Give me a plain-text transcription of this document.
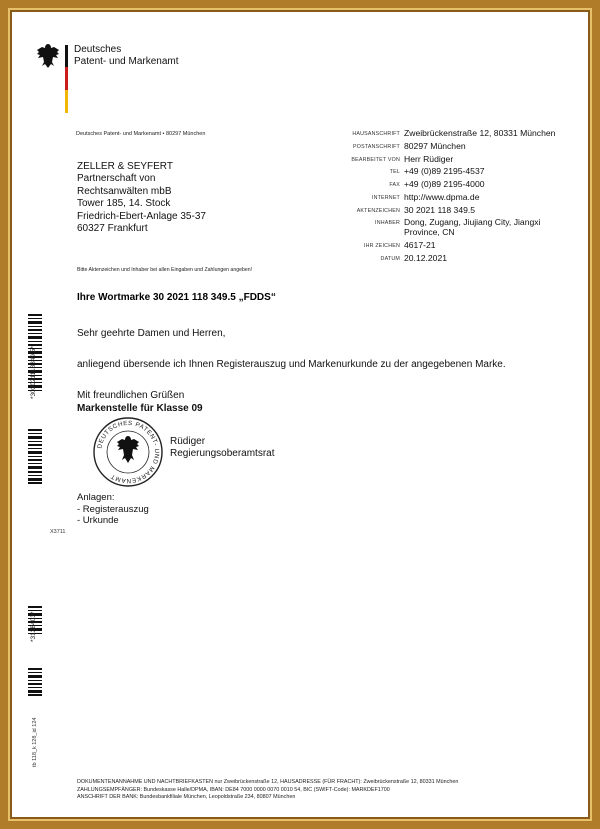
Deutsches
Patent- und Markenamt
Deutsches Patent- und Markenamt • 80297 München
ZELLER & SEYFERT
Partnerschaft von
Rechtsanwälten mbB
Tower 185, 14. Stock
Friedrich-Ebert-Anlage 35-37
60327 Frankfurt
Bitte Aktenzeichen und Inhaber bei allen Eingaben und Zahlungen angeben!
HAUSANSCHRIFT Zweibrückenstraße 12, 80331 München
POSTANSCHRIFT 80297 München
BEARBEITET VON Herr Rüdiger
TEL +49 (0)89 2195-4537
FAX +49 (0)89 2195-4000
INTERNET http://www.dpma.de
AKTENZEICHEN 30 2021 118 349.5
INHABER Dong, Zugang, Jiujiang City, Jiangxi Province, CN
IHR ZEICHEN 4617-21
DATUM 20.12.2021
Ihre Wortmarke 30 2021 118 349.5 „FDDS“
Sehr geehrte Damen und Herren,
anliegend übersende ich Ihnen Registerauszug und Markenurkunde zu der angegebenen Marke.
Mit freundlichen Grüßen
Markenstelle für Klasse 09
DEUTSCHES PATENT- UND MARKENAMT
Rüdiger
Regierungsoberamtsrat
Anlagen:
- Registerauszug
- Urkunde
*302021118349 5*
X3711
*3138403*
tb 118_k 128_id 124
DOKUMENTENANNAHME UND NACHTBRIEFKASTEN nur Zweibrückenstraße 12, HAUSADRESSE (FÜR FRACHT): Zweibrückenstraße 12, 80331 München
ZAHLUNGSEMPFÄNGER: Bundeskasse Halle/DPMA, IBAN: DE84 7000 0000 0070 0010 54, BIC (SWIFT-Code): MARKDEF1700
ANSCHRIFT DER BANK: Bundesbankfiliale München, Leopoldstraße 234, 80807 München
